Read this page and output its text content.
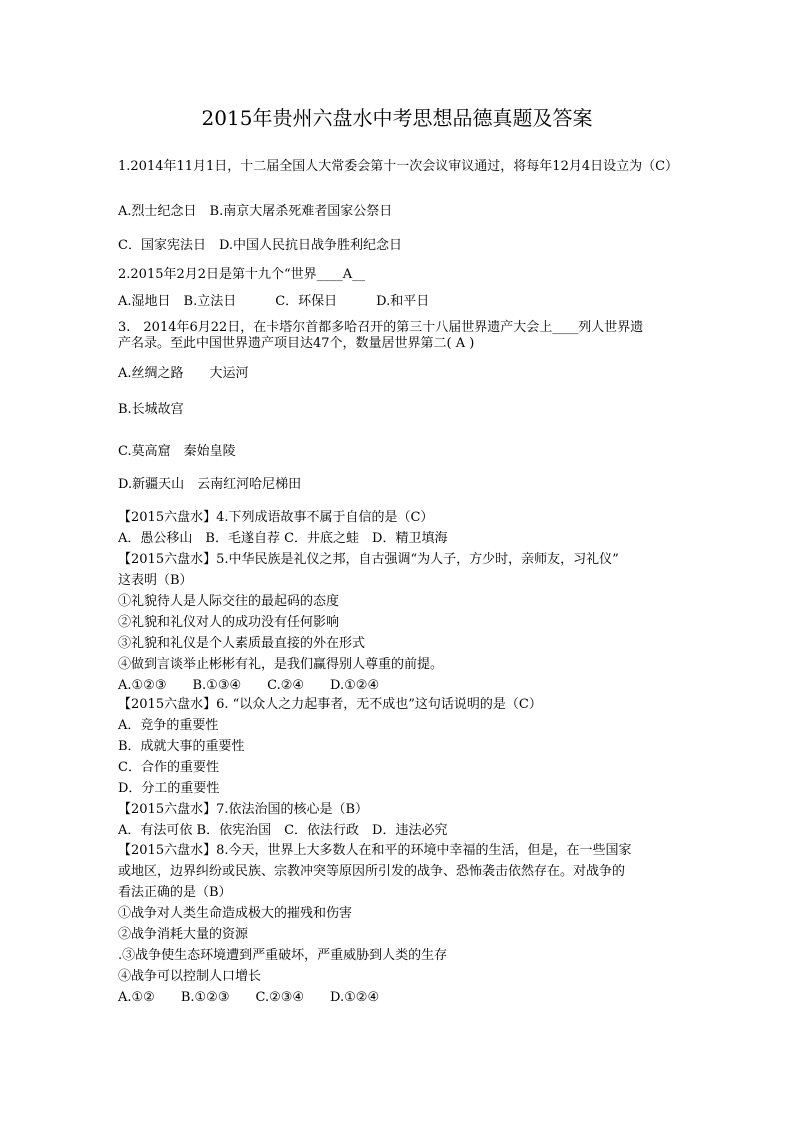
2015年贵州六盘水中考思想品德真题及答案
1.2014年11月1日，十二届全国人大常委会第十一次会议审议通过，将每年12月4日设立为（C）
A.烈士纪念日　B.南京大屠杀死难者国家公祭日
C．国家宪法日　D.中国人民抗日战争胜利纪念日
2.2015年2月2日是第十九个“世界____A__
A.湿地日　B.立法日　　　C．环保日　　　D.和平日
3.　2014年6月22日，在卡塔尔首都多哈召开的第三十八届世界遗产大会上____列人世界遗
产名录。至此中国世界遗产项目达47个，数量居世界第二( A )
A.丝绸之路　　大运河
B.长城故宫
C.莫高窟　秦始皇陵
D.新疆天山　云南红河哈尼梯田
【2015六盘水】4.下列成语故事不属于自信的是（C）
A．愚公移山　B．毛遂自荐 C．井底之蛙　D．精卫填海
【2015六盘水】5.中华民族是礼仪之邦，自古强调“为人子，方少时，亲师友，习礼仪”
这表明（B）
①礼貌待人是人际交往的最起码的态度
②礼貌和礼仪对人的成功没有任何影响
③礼貌和礼仪是个人素质最直接的外在形式
④做到言谈举止彬彬有礼，是我们赢得别人尊重的前提。
A.①②③　　B.①③④　　C.②④　　D.①②④
【2015六盘水】6. “以众人之力起事者，无不成也”这句话说明的是（C）
A．竞争的重要性
B．成就大事的重要性
C．合作的重要性
D．分工的重要性
【2015六盘水】7.依法治国的核心是（B）
A．有法可依 B．依宪治国　C．依法行政　D．违法必究
【2015六盘水】8.今天，世界上大多数人在和平的环境中幸福的生活，但是，在一些国家
或地区，边界纠纷或民族、宗教冲突等原因所引发的战争、恐怖袭击依然存在。对战争的
看法正确的是（B）
①战争对人类生命造成极大的摧残和伤害
②战争消耗大量的资源
.③战争使生态环境遭到严重破坏，严重威胁到人类的生存
④战争可以控制人口增长
A.①②　　B.①②③　　C.②③④　　D.①②④
